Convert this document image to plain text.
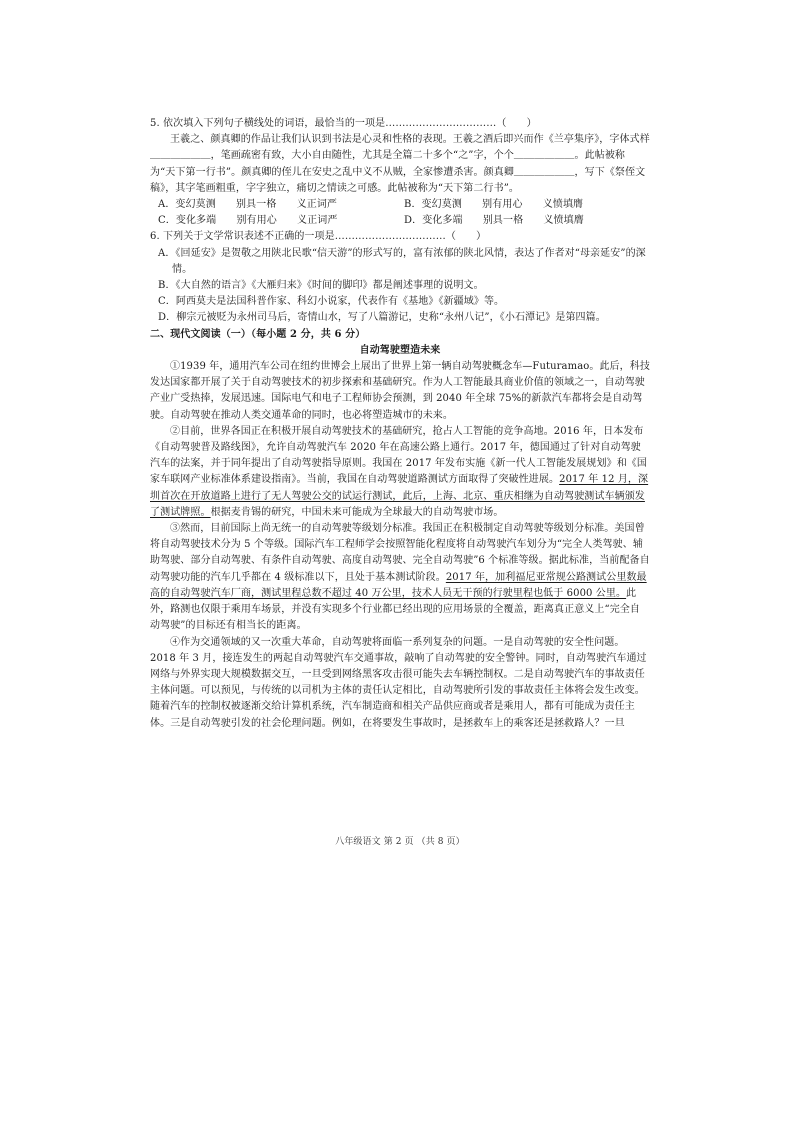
5. 依次填入下列句子横线处的词语，最恰当的一项是……………………………（　　）

王羲之、颜真卿的作品让我们认识到书法是心灵和性格的表现。王羲之酒后即兴而作《兰亭集序》，字体式样＿＿＿＿＿＿，笔画疏密有致，大小自由随性，尤其是全篇二十多个“之”字，个个＿＿＿＿＿＿。此帖被称为“天下第一行书”。颜真卿的侄儿在安史之乱中义不从贼，全家惨遭杀害。颜真卿＿＿＿＿＿＿，写下《祭侄文稿》，其字笔画粗重，字字独立，痛切之情读之可感。此帖被称为“天下第二行书”。

A．变幻莫测　　别具一格　　义正词严	B．变幻莫测　　别有用心　　义愤填膺
C．变化多端　　别有用心　　义正词严	D．变化多端　　别具一格　　义愤填膺

6. 下列关于文学常识表述不正确的一项是……………………………（　　）

A．《回延安》是贺敬之用陕北民歌“信天游”的形式写的，富有浓郁的陕北风情，表达了作者对“母亲延安”的深情。

B．《大自然的语言》《大雁归来》《时间的脚印》都是阐述事理的说明文。

C．阿西莫夫是法国科普作家、科幻小说家，代表作有《基地》《新疆域》等。

D．柳宗元被贬为永州司马后，寄情山水，写了八篇游记，史称“永州八记”，《小石潭记》是第四篇。

二、现代文阅读（一）（每小题 2 分，共 6 分）

自动驾驶塑造未来

①1939 年，通用汽车公司在纽约世博会上展出了世界上第一辆自动驾驶概念车—Futuramao。此后，科技发达国家都开展了关于自动驾驶技术的初步探索和基础研究。作为人工智能最具商业价值的领域之一，自动驾驶产业广受热捧，发展迅速。国际电气和电子工程师协会预测，到 2040 年全球 75%的新款汽车都将会是自动驾驶。自动驾驶在推动人类交通革命的同时，也必将塑造城市的未来。

②目前，世界各国正在积极开展自动驾驶技术的基础研究，抢占人工智能的竞争高地。2016 年，日本发布《自动驾驶普及路线图》，允许自动驾驶汽车 2020 年在高速公路上通行。2017 年，德国通过了针对自动驾驶汽车的法案，并于同年提出了自动驾驶指导原则。我国在 2017 年发布实施《新一代人工智能发展规划》和《国家车联网产业标准体系建设指南》。当前，我国在自动驾驶道路测试方面取得了突破性进展。2017 年 12 月，深圳首次在开放道路上进行了无人驾驶公交的试运行测试，此后，上海、北京、重庆相继为自动驾驶测试车辆颁发了测试牌照。根据麦肯锡的研究，中国未来可能成为全球最大的自动驾驶市场。

③然而，目前国际上尚无统一的自动驾驶等级划分标准。我国正在积极制定自动驾驶等级划分标准。美国曾将自动驾驶技术分为 5 个等级。国际汽车工程师学会按照智能化程度将自动驾驶汽车划分为“完全人类驾驶、辅助驾驶、部分自动驾驶、有条件自动驾驶、高度自动驾驶、完全自动驾驶”6 个标准等级。据此标准，当前配备自动驾驶功能的汽车几乎都在 4 级标准以下，且处于基本测试阶段。2017 年，加利福尼亚常规公路测试公里数最高的自动驾驶汽车厂商，测试里程总数不超过 40 万公里，技术人员无干预的行驶里程也低于 6000 公里。此外，路测也仅限于乘用车场景，并没有实现多个行业都已经出现的应用场景的全覆盖，距离真正意义上“完全自动驾驶”的目标还有相当长的距离。

④作为交通领域的又一次重大革命，自动驾驶将面临一系列复杂的问题。一是自动驾驶的安全性问题。2018 年 3 月，接连发生的两起自动驾驶汽车交通事故，敲响了自动驾驶的安全警钟。同时，自动驾驶汽车通过网络与外界实现大规模数据交互，一旦受到网络黑客攻击很可能失去车辆控制权。二是自动驾驶汽车的事故责任主体问题。可以预见，与传统的以司机为主体的责任认定相比，自动驾驶所引发的事故责任主体将会发生改变。随着汽车的控制权被逐渐交给计算机系统，汽车制造商和相关产品供应商或者是乘用人，都有可能成为责任主体。三是自动驾驶引发的社会伦理问题。例如，在将要发生事故时，是拯救车上的乘客还是拯救路人？一旦

八年级语文 第 2 页 （共 8 页）
